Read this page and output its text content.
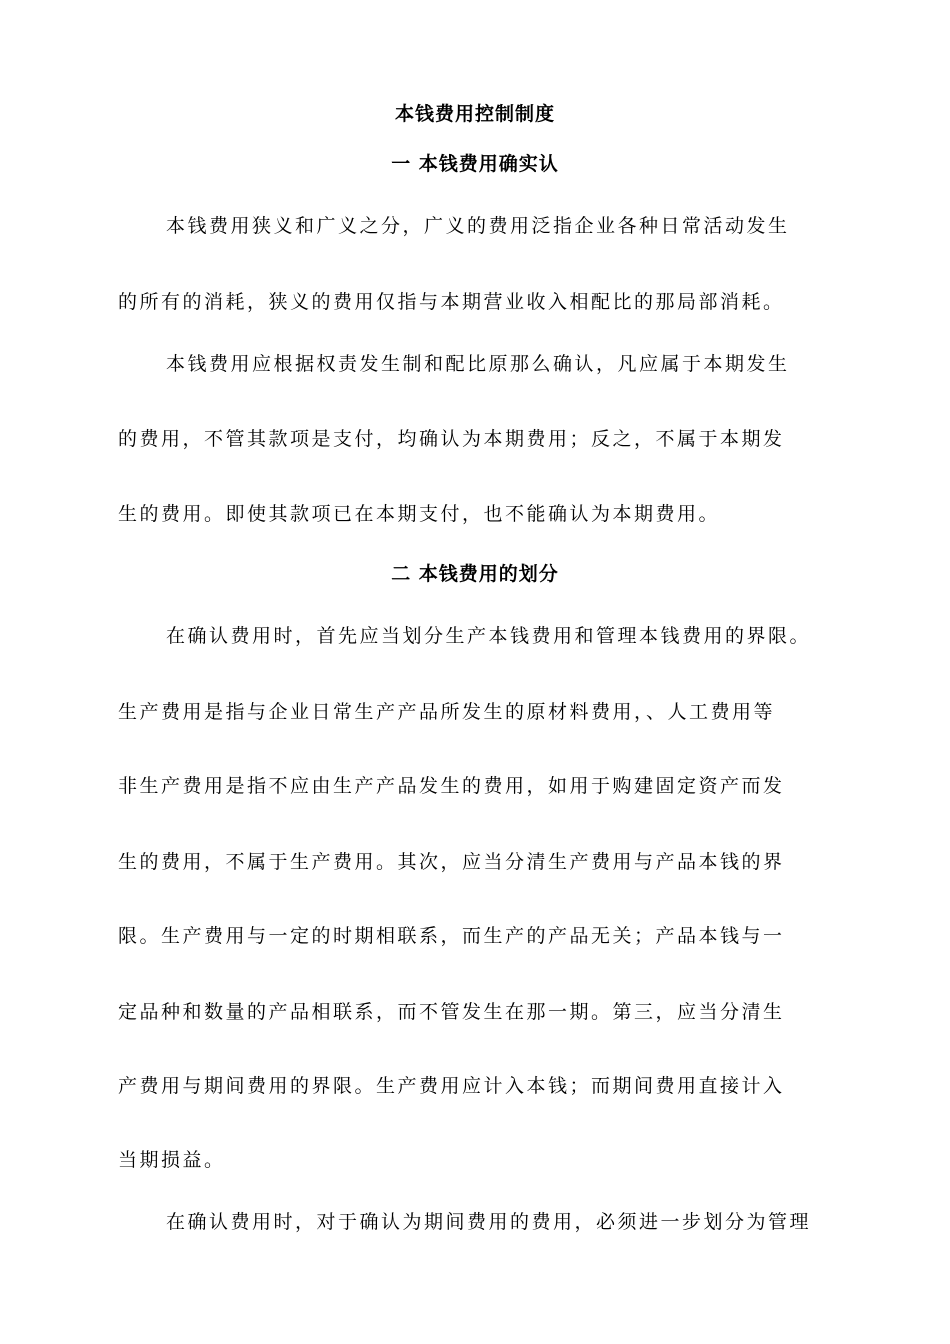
本钱费用控制制度
一 本钱费用确实认
本钱费用狭义和广义之分，广义的费用泛指企业各种日常活动发生
的所有的消耗，狭义的费用仅指与本期营业收入相配比的那局部消耗。
本钱费用应根据权责发生制和配比原那么确认，凡应属于本期发生
的费用，不管其款项是支付，均确认为本期费用；反之，不属于本期发
生的费用。即使其款项已在本期支付，也不能确认为本期费用。
二 本钱费用的划分
在确认费用时，首先应当划分生产本钱费用和管理本钱费用的界限。
生产费用是指与企业日常生产产品所发生的原材料费用，、人工费用等
非生产费用是指不应由生产产品发生的费用，如用于购建固定资产而发
生的费用，不属于生产费用。其次，应当分清生产费用与产品本钱的界
限。生产费用与一定的时期相联系，而生产的产品无关；产品本钱与一
定品种和数量的产品相联系，而不管发生在那一期。第三，应当分清生
产费用与期间费用的界限。生产费用应计入本钱；而期间费用直接计入
当期损益。
在确认费用时，对于确认为期间费用的费用，必须进一步划分为管理
